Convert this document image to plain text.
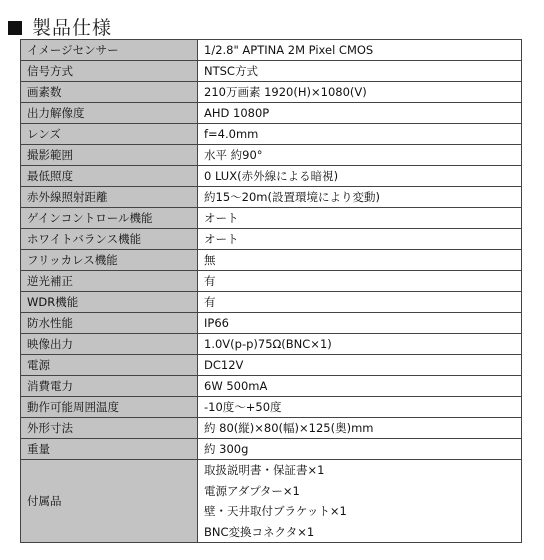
製品仕様
イメージセンサー	1/2.8" APTINA 2M Pixel CMOS
信号方式	NTSC方式
画素数	210万画素 1920(H)×1080(V)
出力解像度	AHD 1080P
レンズ	f=4.0mm
撮影範囲	水平 約90°
最低照度	0 LUX(赤外線による暗視)
赤外線照射距離	約15～20m(設置環境により変動)
ゲインコントロール機能	オート
ホワイトバランス機能	オート
フリッカレス機能	無
逆光補正	有
WDR機能	有
防水性能	IP66
映像出力	1.0V(p-p)75Ω(BNC×1)
電源	DC12V
消費電力	6W 500mA
動作可能周囲温度	-10度～+50度
外形寸法	約 80(縦)×80(幅)×125(奥)mm
重量	約 300g
付属品	取扱説明書・保証書×1
電源アダプター×1
壁・天井取付ブラケット×1
BNC変換コネクタ×1
